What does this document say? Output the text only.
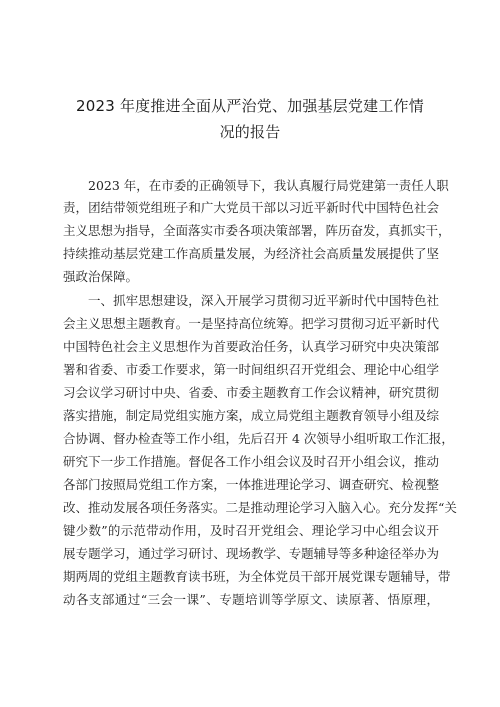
2023 年度推进全面从严治党、加强基层党建工作情
况的报告
2023 年，在市委的正确领导下，我认真履行局党建第一责任人职
责，团结带领党组班子和广大党员干部以习近平新时代中国特色社会
主义思想为指导，全面落实市委各项决策部署，阵历奋发，真抓实干，
持续推动基层党建工作高质量发展，为经济社会高质量发展提供了坚
强政治保障。
一、抓牢思想建设，深入开展学习贯彻习近平新时代中国特色社
会主义思想主题教育。一是坚持高位统筹。把学习贯彻习近平新时代
中国特色社会主义思想作为首要政治任务，认真学习研究中央决策部
署和省委、市委工作要求，第一时间组织召开党组会、理论中心组学
习会议学习研讨中央、省委、市委主题教育工作会议精神，研究贯彻
落实措施，制定局党组实施方案，成立局党组主题教育领导小组及综
合协调、督办检查等工作小组，先后召开 4 次领导小组听取工作汇报，
研究下一步工作措施。督促各工作小组会议及时召开小组会议，推动
各部门按照局党组工作方案，一体推进理论学习、调查研究、检视整
改、推动发展各项任务落实。二是推动理论学习入脑入心。充分发挥“关
键少数”的示范带动作用，及时召开党组会、理论学习中心组会议开
展专题学习，通过学习研讨、现场教学、专题辅导等多种途径举办为
期两周的党组主题教育读书班，为全体党员干部开展党课专题辅导，带
动各支部通过“三会一课”、专题培训等学原文、读原著、悟原理，
